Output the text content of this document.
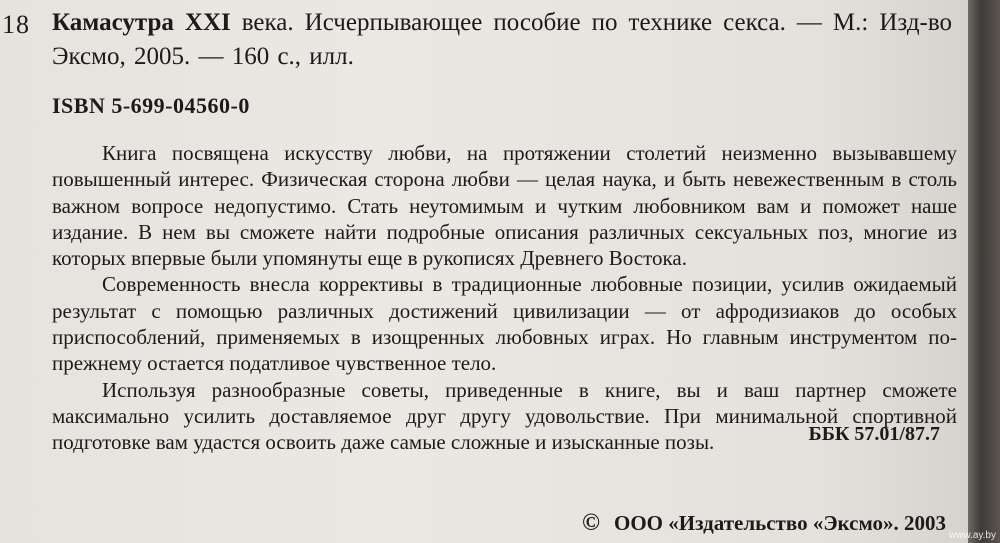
18 Камасутра XXI века. Исчерпывающее пособие по технике секса. — М.: Изд-во Эксмо, 2005. — 160 с., илл.
ISBN 5-699-04560-0

Книга посвящена искусству любви, на протяжении столетий неизменно вызывавшему повышенный интерес. Физическая сторона любви — целая наука, и быть невежественным в столь важном вопросе недопустимо. Стать неутомимым и чутким любовником вам и поможет наше издание. В нем вы сможете найти подробные описания различных сексуальных поз, многие из которых впервые были упомянуты еще в рукописях Древнего Востока.

Современность внесла коррективы в традиционные любовные позиции, усилив ожидаемый результат с помощью различных достижений цивилизации — от афродизиаков до особых приспособлений, применяемых в изощренных любовных играх. Но главным инструментом по-прежнему остается податливое чувственное тело.

Используя разнообразные советы, приведенные в книге, вы и ваш партнер сможете максимально усилить доставляемое друг другу удовольствие. При минимальной спортивной подготовке вам удастся освоить даже самые сложные и изысканные позы.	ББК 57.01/87.7
© ООО «Издательство «Эксмо». 2003
www.ay.by
